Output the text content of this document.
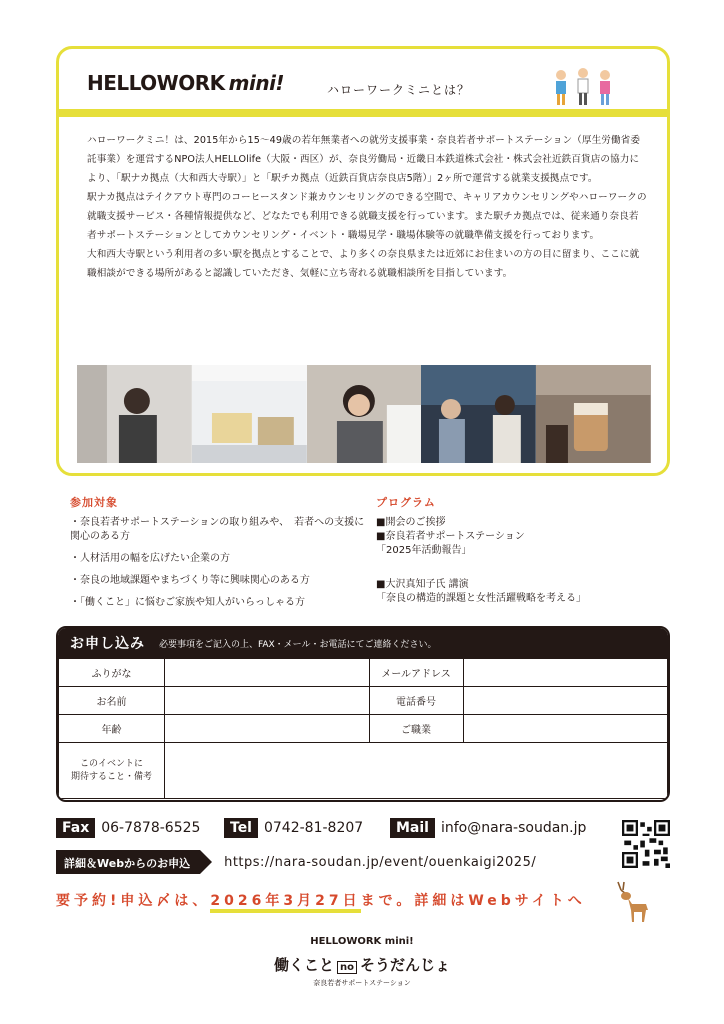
HELLOWORK mini!	ハローワークミニとは？

ハローワークミニ！は、2015年から15〜49歳の若年無業者への就労支援事業・奈良若者サポートステーション（厚生労働省委託事業）を運営するNPO法人HELLOlife（大阪・西区）が、奈良労働局・近畿日本鉄道株式会社・株式会社近鉄百貨店の協力により、「駅ナカ拠点（大和西大寺駅）」と「駅チカ拠点（近鉄百貨店奈良店5階）」2ヶ所で運営する就業支援拠点です。

駅ナカ拠点はテイクアウト専門のコーヒースタンド兼カウンセリングのできる空間で、キャリアカウンセリングやハローワークの就職支援サービス・各種情報提供など、どなたでも利用できる就職支援を行っています。また駅チカ拠点では、従来通り奈良若者サポートステーションとしてカウンセリング・イベント・職場見学・職場体験等の就職準備支援を行っております。

大和西大寺駅という利用者の多い駅を拠点とすることで、より多くの奈良県または近郊にお住まいの方の目に留まり、ここに就職相談ができる場所があると認識していただき、気軽に立ち寄れる就職相談所を目指しています。

参加対象
・奈良若者サポートステーションの取り組みや、　若者への支援に関心のある方
・人材活用の幅を広げたい企業の方
・奈良の地域課題やまちづくり等に興味関心のある方
・「働くこと」に悩むご家族や知人がいらっしゃる方
プログラム
■開会のご挨拶
■奈良若者サポートステーション
「2025年活動報告」
■大沢真知子氏 講演
「奈良の構造的課題と女性活躍戦略を考える」
お申し込み 必要事項をご記入の上、FAX・メール・お電話にてご連絡ください。
ふりがな		メールアドレス	
お名前		電話番号	
年齢		ご職業	

このイベントに
期待すること・備考			

Fax 06-7878-6525	Tel 0742-81-8207	Mail info@nara-soudan.jp
詳細＆Webからのお申込	https://nara-soudan.jp/event/ouenkaigi2025/
要予約!申込〆は、2026年3月27日まで。詳細はWebサイトへ
HELLOWORK mini!
働くこと no そうだんじょ
奈良若者サポートステーション
